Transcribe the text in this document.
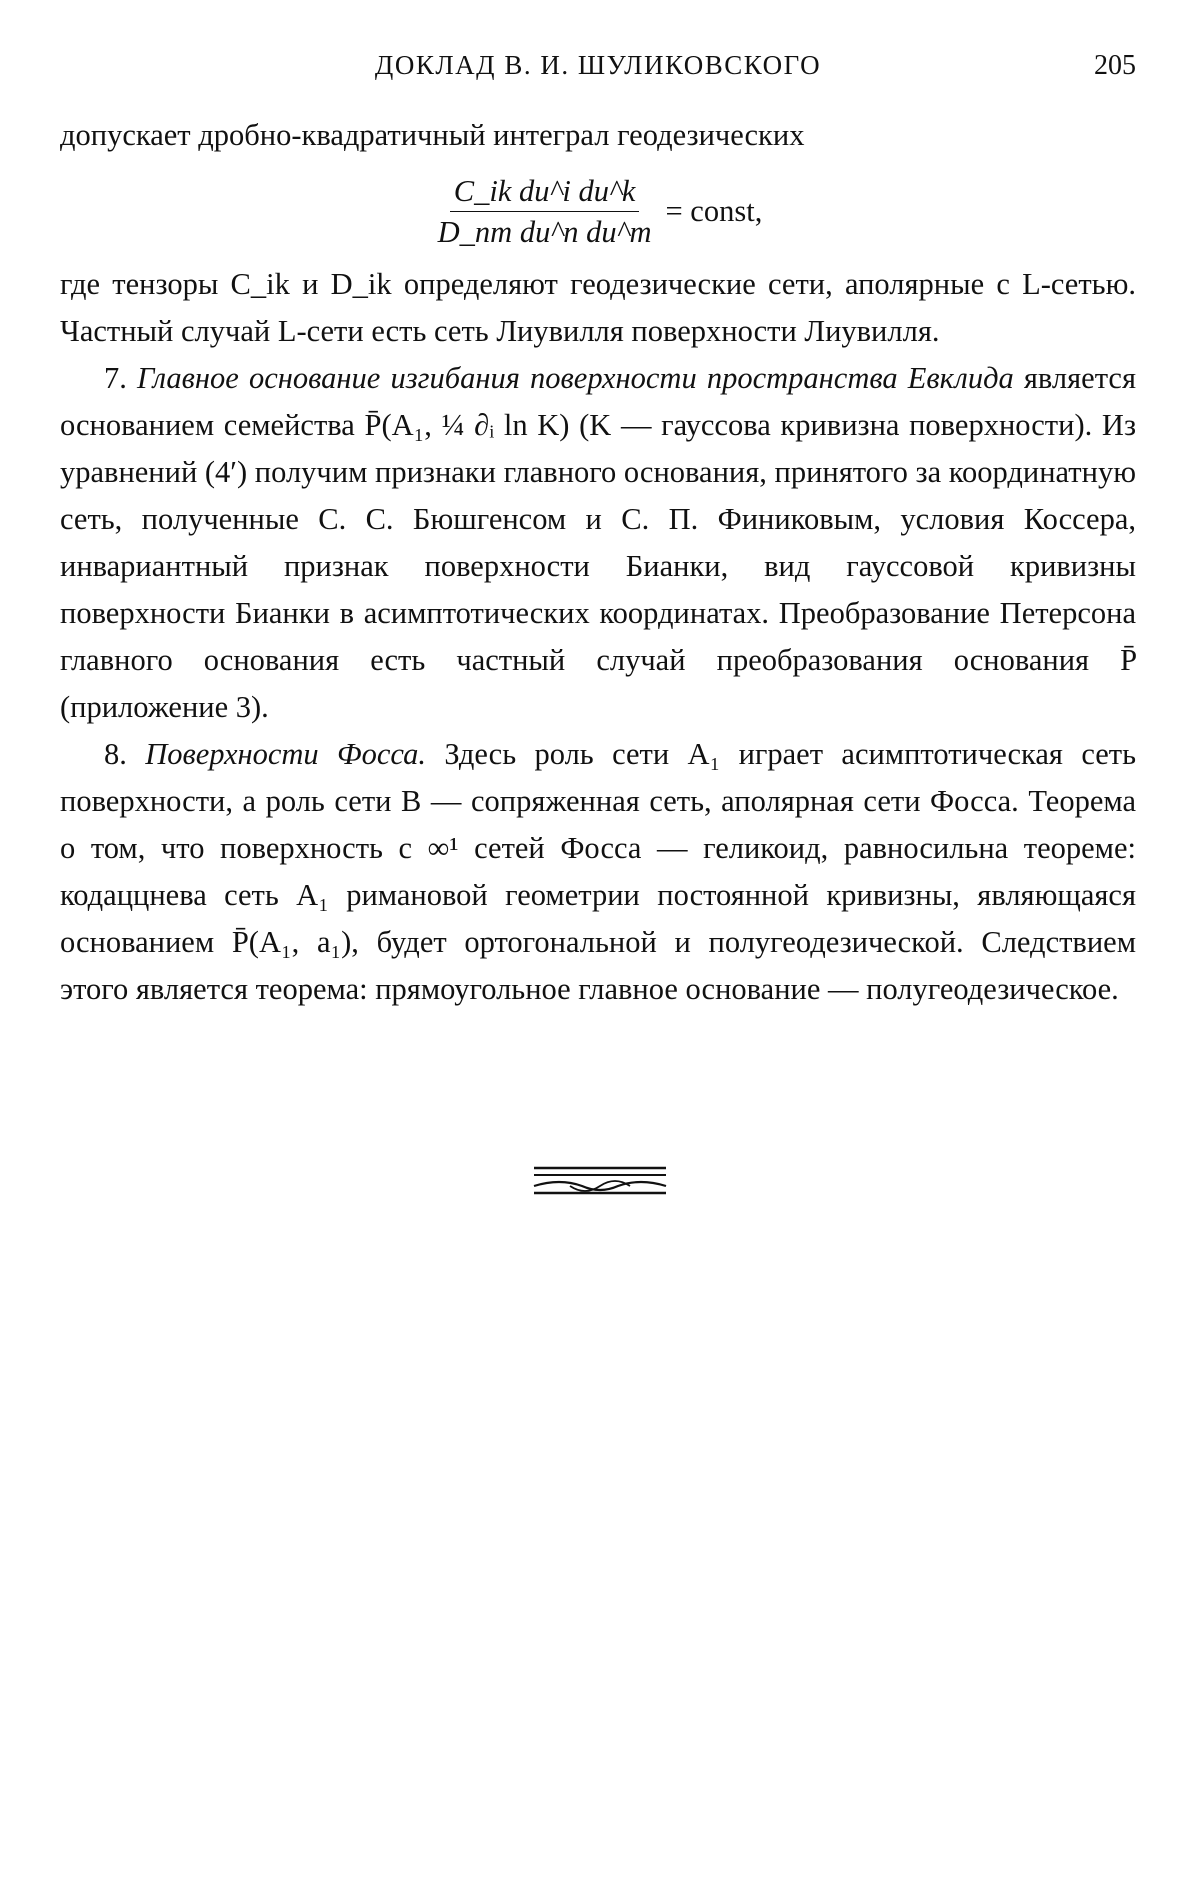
ДОКЛАД В. И. ШУЛИКОВСКОГО	205

допускает дробно-квадратичный интеграл геодезических

$\frac{\text{C\_ik du\textasciicircum{}i du\textasciicircum{}k}}{\text{D\_nm du\textasciicircum{}n du\textasciicircum{}m}}$ = const,

где тензоры C_ik и D_ik определяют геодезические сети, аполярные с L-сетью. Частный случай L-сети есть сеть Лиувилля поверхности Лиувилля.

7. Главное основание изгибания поверхности пространства Евклида является основанием семейства P̄(A₁, ¼ ∂ᵢ ln K) (K — гауссова кривизна поверхности). Из уравнений (4′) получим признаки главного основания, принятого за координатную сеть, полученные С. С. Бюшгенсом и С. П. Финиковым, условия Коссера, инвариантный признак поверхности Бианки, вид гауссовой кривизны поверхности Бианки в асимптотических координатах. Преобразование Петерсона главного основания есть частный случай преобразования основания P̄ (приложение 3).

8. Поверхности Фосса. Здесь роль сети A₁ играет асимптотическая сеть поверхности, а роль сети B — сопряженная сеть, аполярная сети Фосса. Теорема о том, что поверхность с ∞¹ сетей Фосса — геликоид, равносильна теореме: кодаццнева сеть A₁ римановой геометрии постоянной кривизны, являющаяся основанием P̄(A₁, a₁), будет ортогональной и полугеодезической. Следствием этого является теорема: прямоугольное главное основание — полугеодезическое.
